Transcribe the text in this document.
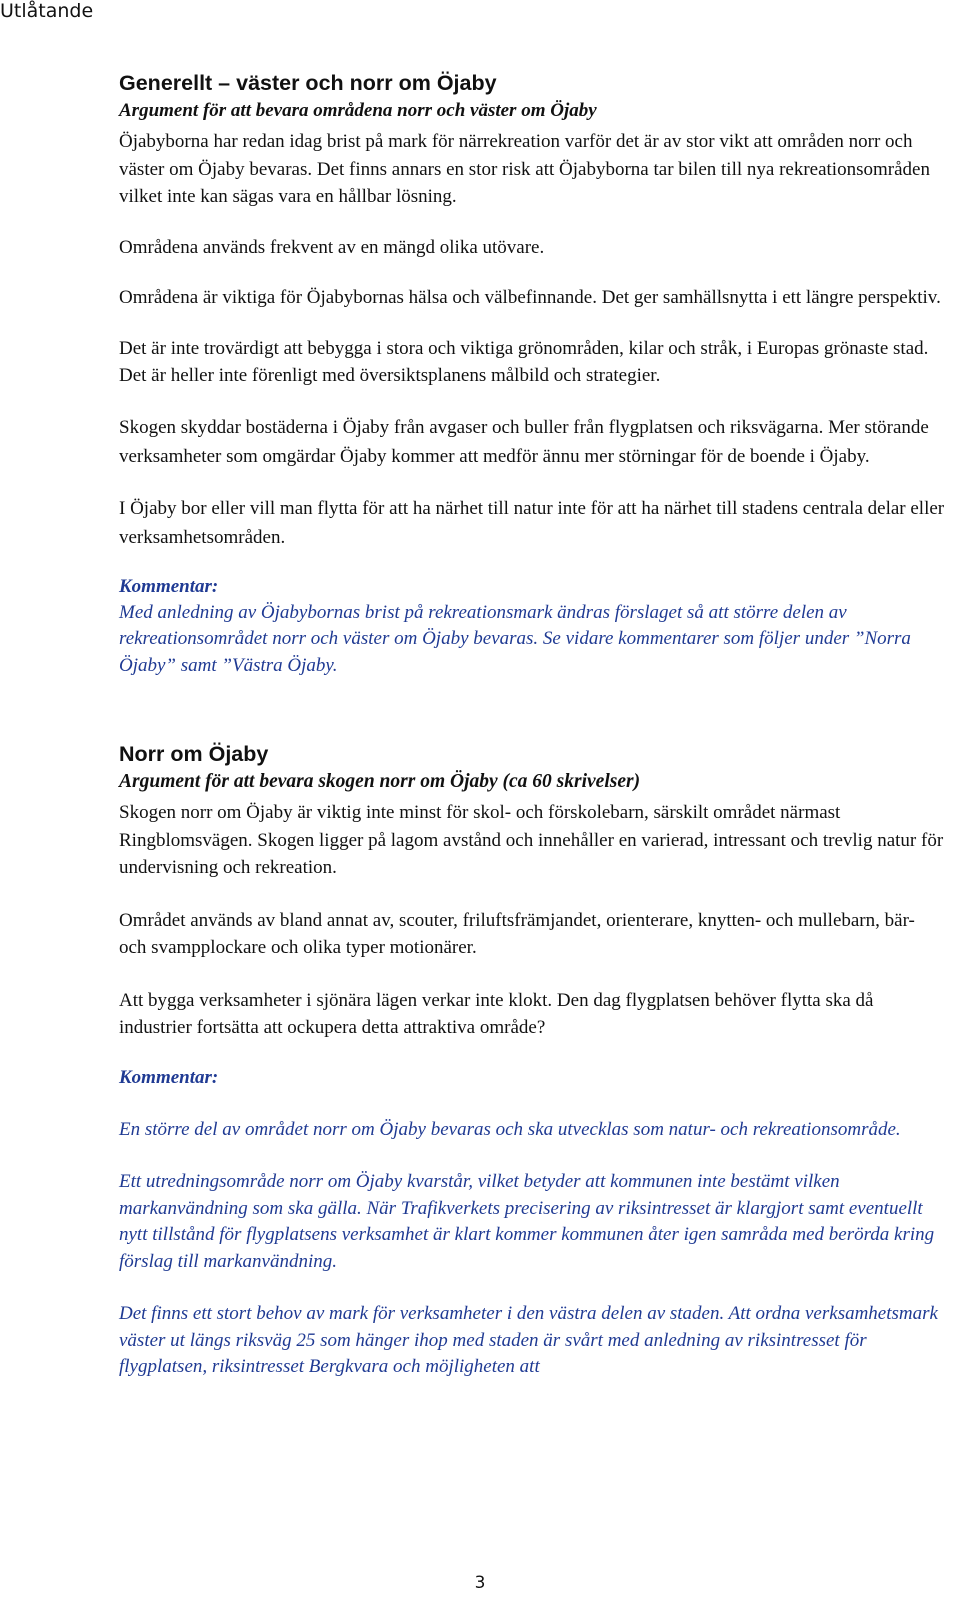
Utlåtande
Generellt – väster och norr om Öjaby
Argument för att bevara områdena norr och väster om Öjaby

Öjabyborna har redan idag brist på mark för närrekreation varför det är av stor vikt att områden norr och väster om Öjaby bevaras. Det finns annars en stor risk att Öjabyborna tar bilen till nya rekreationsområden vilket inte kan sägas vara en hållbar lösning.

Områdena används frekvent av en mängd olika utövare.

Områdena är viktiga för Öjabybornas hälsa och välbefinnande. Det ger samhällsnytta i ett längre perspektiv.

Det är inte trovärdigt att bebygga i stora och viktiga grönområden, kilar och stråk, i Europas grönaste stad. Det är heller inte förenligt med översiktsplanens målbild och strategier.

Skogen skyddar bostäderna i Öjaby från avgaser och buller från flygplatsen och riksvägarna. Mer störande verksamheter som omgärdar Öjaby kommer att medför ännu mer störningar för de boende i Öjaby.

I Öjaby bor eller vill man flytta för att ha närhet till natur inte för att ha närhet till stadens centrala delar eller verksamhetsområden.

Kommentar:
Med anledning av Öjabybornas brist på rekreationsmark ändras förslaget så att större delen av rekreationsområdet norr och väster om Öjaby bevaras. Se vidare kommentarer som följer under ”Norra Öjaby” samt ”Västra Öjaby.
Norr om Öjaby
Argument för att bevara skogen norr om Öjaby (ca 60 skrivelser)

Skogen norr om Öjaby är viktig inte minst för skol- och förskolebarn, särskilt området närmast Ringblomsvägen. Skogen ligger på lagom avstånd och innehåller en varierad, intressant och trevlig natur för undervisning och rekreation.

Området används av bland annat av, scouter, friluftsfrämjandet, orienterare, knytten- och mullebarn, bär- och svampplockare och olika typer motionärer.

Att bygga verksamheter i sjönära lägen verkar inte klokt. Den dag flygplatsen behöver flytta ska då industrier fortsätta att ockupera detta attraktiva område?

Kommentar:
En större del av området norr om Öjaby bevaras och ska utvecklas som natur- och rekreationsområde.
Ett utredningsområde norr om Öjaby kvarstår, vilket betyder att kommunen inte bestämt vilken markanvändning som ska gälla. När Trafikverkets precisering av riksintresset är klargjort samt eventuellt nytt tillstånd för flygplatsens verksamhet är klart kommer kommunen åter igen samråda med berörda kring förslag till markanvändning.
Det finns ett stort behov av mark för verksamheter i den västra delen av staden. Att ordna verksamhetsmark väster ut längs riksväg 25 som hänger ihop med staden är svårt med anledning av riksintresset för flygplatsen, riksintresset Bergkvara och möjligheten att
3
